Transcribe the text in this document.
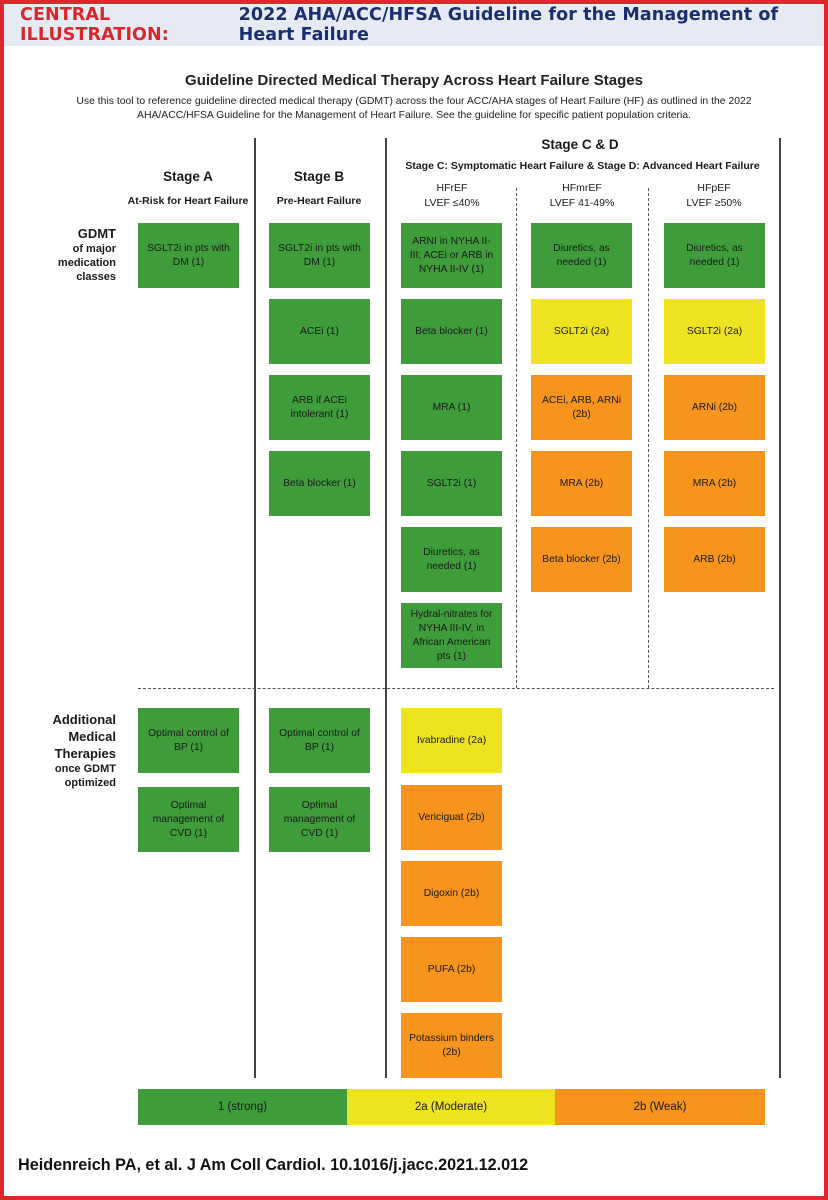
CENTRAL ILLUSTRATION:

2022 AHA/ACC/HFSA Guideline for the Management of Heart Failure
Guideline Directed Medical Therapy Across Heart Failure Stages
Use this tool to reference guideline directed medical therapy (GDMT) across the four ACC/AHA stages of Heart Failure (HF) as outlined in the 2022 AHA/ACC/HFSA Guideline for the Management of Heart Failure. See the guideline for specific patient population criteria.
Stage A
At-Risk for Heart Failure
Stage B
Pre-Heart Failure
Stage C & D
Stage C: Symptomatic Heart Failure & Stage D: Advanced Heart Failure
HFrEF
LVEF ≤40%
HFmrEF
LVEF 41-49%
HFpEF
LVEF ≥50%
GDMT
of major
medication
classes
Additional
Medical
Therapies
once GDMT
optimized
SGLT2i in pts with DM (1)
SGLT2i in pts with DM (1)
ACEi (1)
ARB if ACEi intolerant (1)
Beta blocker (1)
ARNI in NYHA II-III; ACEi or ARB in NYHA II-IV (1)
Beta blocker (1)
MRA (1)
SGLT2i (1)
Diuretics, as needed (1)
Hydral-nitrates for NYHA III-IV, in African American pts (1)
Diuretics, as needed (1)
SGLT2i (2a)
ACEi, ARB, ARNi (2b)
MRA (2b)
Beta blocker (2b)
Diuretics, as needed (1)
SGLT2i (2a)
ARNi (2b)
MRA (2b)
ARB (2b)
Optimal control of BP (1)
Optimal management of CVD (1)
Optimal control of BP (1)
Optimal management of CVD (1)
Ivabradine (2a)
Vericiguat (2b)
Digoxin (2b)
PUFA (2b)
Potassium binders (2b)
1 (strong)	2a (Moderate)	2b (Weak)
Heidenreich PA, et al. J Am Coll Cardiol. 10.1016/j.jacc.2021.12.012
